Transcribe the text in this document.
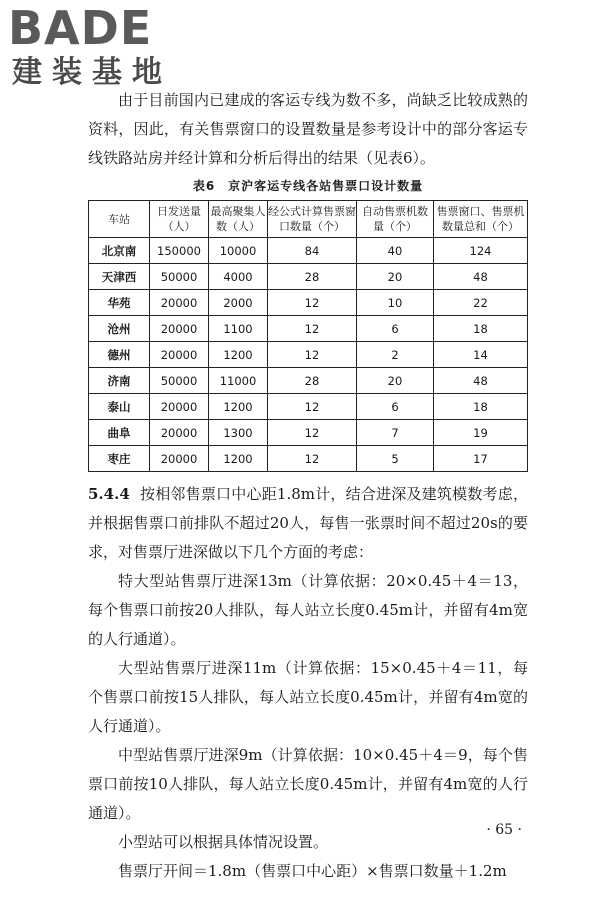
BADE
建装基地

由于目前国内已建成的客运专线为数不多，尚缺乏比较成熟的资料，因此，有关售票窗口的设置数量是参考设计中的部分客运专线铁路站房并经计算和分析后得出的结果（见表6）。

表6　京沪客运专线各站售票口设计数量
车站	日发送量（人）	最高聚集人数（人）	经公式计算售票窗口数量（个）	自动售票机数量（个）	售票窗口、售票机数量总和（个）
北京南	150000	10000	84	40	124
天津西	50000	4000	28	20	48
华苑	20000	2000	12	10	22
沧州	20000	1100	12	6	18
德州	20000	1200	12	2	14
济南	50000	11000	28	20	48
泰山	20000	1200	12	6	18
曲阜	20000	1300	12	7	19
枣庄	20000	1200	12	5	17

5.4.4 按相邻售票口中心距1.8m计，结合进深及建筑模数考虑，并根据售票口前排队不超过20人，每售一张票时间不超过20s的要求，对售票厅进深做以下几个方面的考虑：

特大型站售票厅进深13m（计算依据：20×0.45＋4＝13，每个售票口前按20人排队，每人站立长度0.45m计，并留有4m宽的人行通道）。

大型站售票厅进深11m（计算依据：15×0.45＋4＝11，每个售票口前按15人排队，每人站立长度0.45m计，并留有4m宽的人行通道）。

中型站售票厅进深9m（计算依据：10×0.45＋4＝9，每个售票口前按10人排队，每人站立长度0.45m计，并留有4m宽的人行通道）。

小型站可以根据具体情况设置。

售票厅开间＝1.8m（售票口中心距）×售票口数量＋1.2m

· 65 ·
